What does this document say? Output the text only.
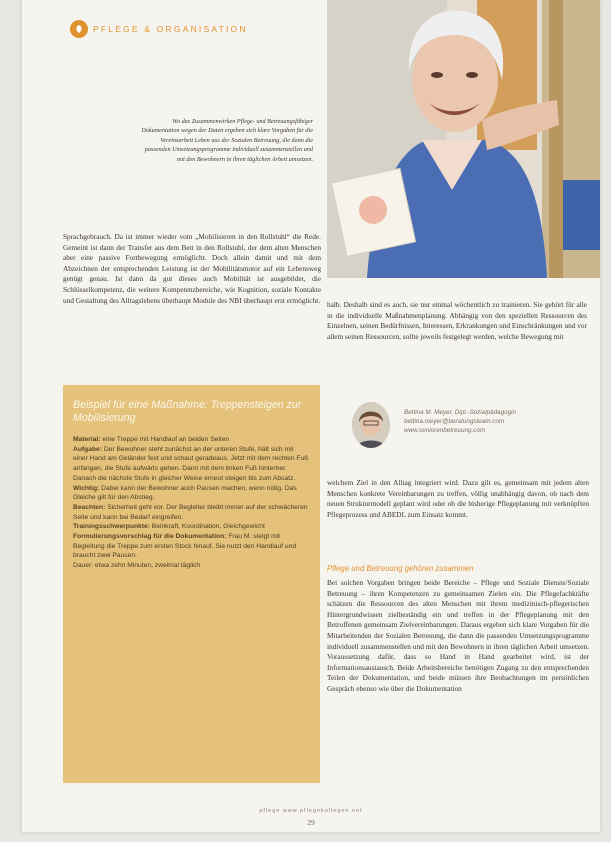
PFLEGE & ORGANISATION
Wo das Zusammenwirken Pflege- und Betreuungsfähiger Dokumentation wegen der Daten ergeben sich klare Vorgaben für die Vereinsarbeit Leben aus der Sozialen Betreuung, die dann die passenden Umsetzungsprogramme individuell zusammenstellen und mit den Bewohnern in ihren täglichen Arbeit umsetzen.

Sprachgebrauch. Da ist immer wieder vom „Mobilisieren in den Rollstuhl“ die Rede. Gemeint ist dann der Transfer aus dem Bett in den Rollstuhl, der dem alten Menschen aber eine passive Fortbewegung ermöglicht. Doch allein damit und mit dem Abzeichnen der entsprechenden Leistung ist der Mobilitätsmotor auf ein Lebensweg genügt genau. Ist dann da gut dieses auch Mobilität ist ausgebildet, die Schlüsselkompetenz, die weitere Kompetenzbereiche, wie Kognition, soziale Kontakte und Gestaltung des Alltagslebens überhaupt Module des NBI überhaupt erst ermöglicht.

Beispiel für eine Maßnahme: Treppensteigen zur Mobilisierung

Material: eine Treppe mit Handlauf an beiden Seiten

Aufgabe: Der Bewohner steht zunächst an der unteren Stufe, hält sich mit einer Hand am Geländer fest und schaut geradeaus. Jetzt mit dem rechten Fuß anfangen, die Stufe aufwärts gehen. Dann mit dem linken Fuß hinterher. Danach die nächste Stufe in gleicher Weise erneut steigen bis zum Absatz.

Wichtig: Dabei kann der Bewohner auch Pausen machen, wenn nötig. Das Gleiche gilt für den Abstieg.

Beachten: Sicherheit geht vor. Der Begleiter bleibt immer auf der schwächeren Seite und kann bei Bedarf eingreifen.

Trainingsschwerpunkte: Beinkraft, Koordination, Gleichgewicht

Formulierungsvorschlag für die Dokumentation: Frau M. steigt mit Begleitung die Treppe zum ersten Stock hinauf. Sie nutzt den Handlauf und braucht zwei Pausen.

Dauer: etwa zehn Minuten, zweimal täglich

halb. Deshalb sind es auch, sie nur einmal wöchentlich zu trainieren. Sie gehört für alle in die individuelle Maßnahmenplanung. Abhängig von den speziellen Ressourcen des Einzelnen, seinen Bedürfnissen, Interessen, Erkrankungen und Einschränkungen und vor allem seinen Ressourcen, sollte jeweils festgelegt werden, welche Bewegung mit

Bettina M. Meyer, Dipl.-Sozialpädagogin
bettina.meyer@beratungsteam.com
www.seniorenbetreuung.com

welchem Ziel in den Alltag integriert wird. Dazu gilt es, gemeinsam mit jedem alten Menschen konkrete Vereinbarungen zu treffen, völlig unabhängig davon, ob nach dem neuen Strukturmodell geplant wird oder ob die bisherige Pflegeplanung mit verknüpften Pflegeprozess und ABEDL zum Einsatz kommt.

Pflege und Betreuung gehören zusammen

Bei solchen Vorgaben bringen beide Bereiche – Pflege und Soziale Dienste/Soziale Betreuung – ihren Kompetenzen zu gemeinsamen Zielen ein. Die Pflegefachkräfte schätzen die Ressourcen des alten Menschen mit ihrem medizinisch-pflegerischen Hintergrundwissen zielbeständig ein und treffen in der Pflegeplanung mit den Betroffenen gemeinsam Zielvereinbarungen. Daraus ergeben sich klare Vorgaben für die Mitarbeitenden der Sozialen Betreuung, die dann die passenden Umsetzungsprogramme individuell zusammenstellen und mit den Bewohnern in ihren täglichen Arbeit umsetzen. Voraussetzung dafür, dass so Hand in Hand gearbeitet wird, ist der Informationsaustausch. Beide Arbeitsbereiche benötigen Zugang zu den entsprechenden Teilen der Dokumentation, und beide müssen ihre Beobachtungen im persönlichen Gespräch ebenso wie über die Dokumentation

pflege www.pflegekollegen.net
29
